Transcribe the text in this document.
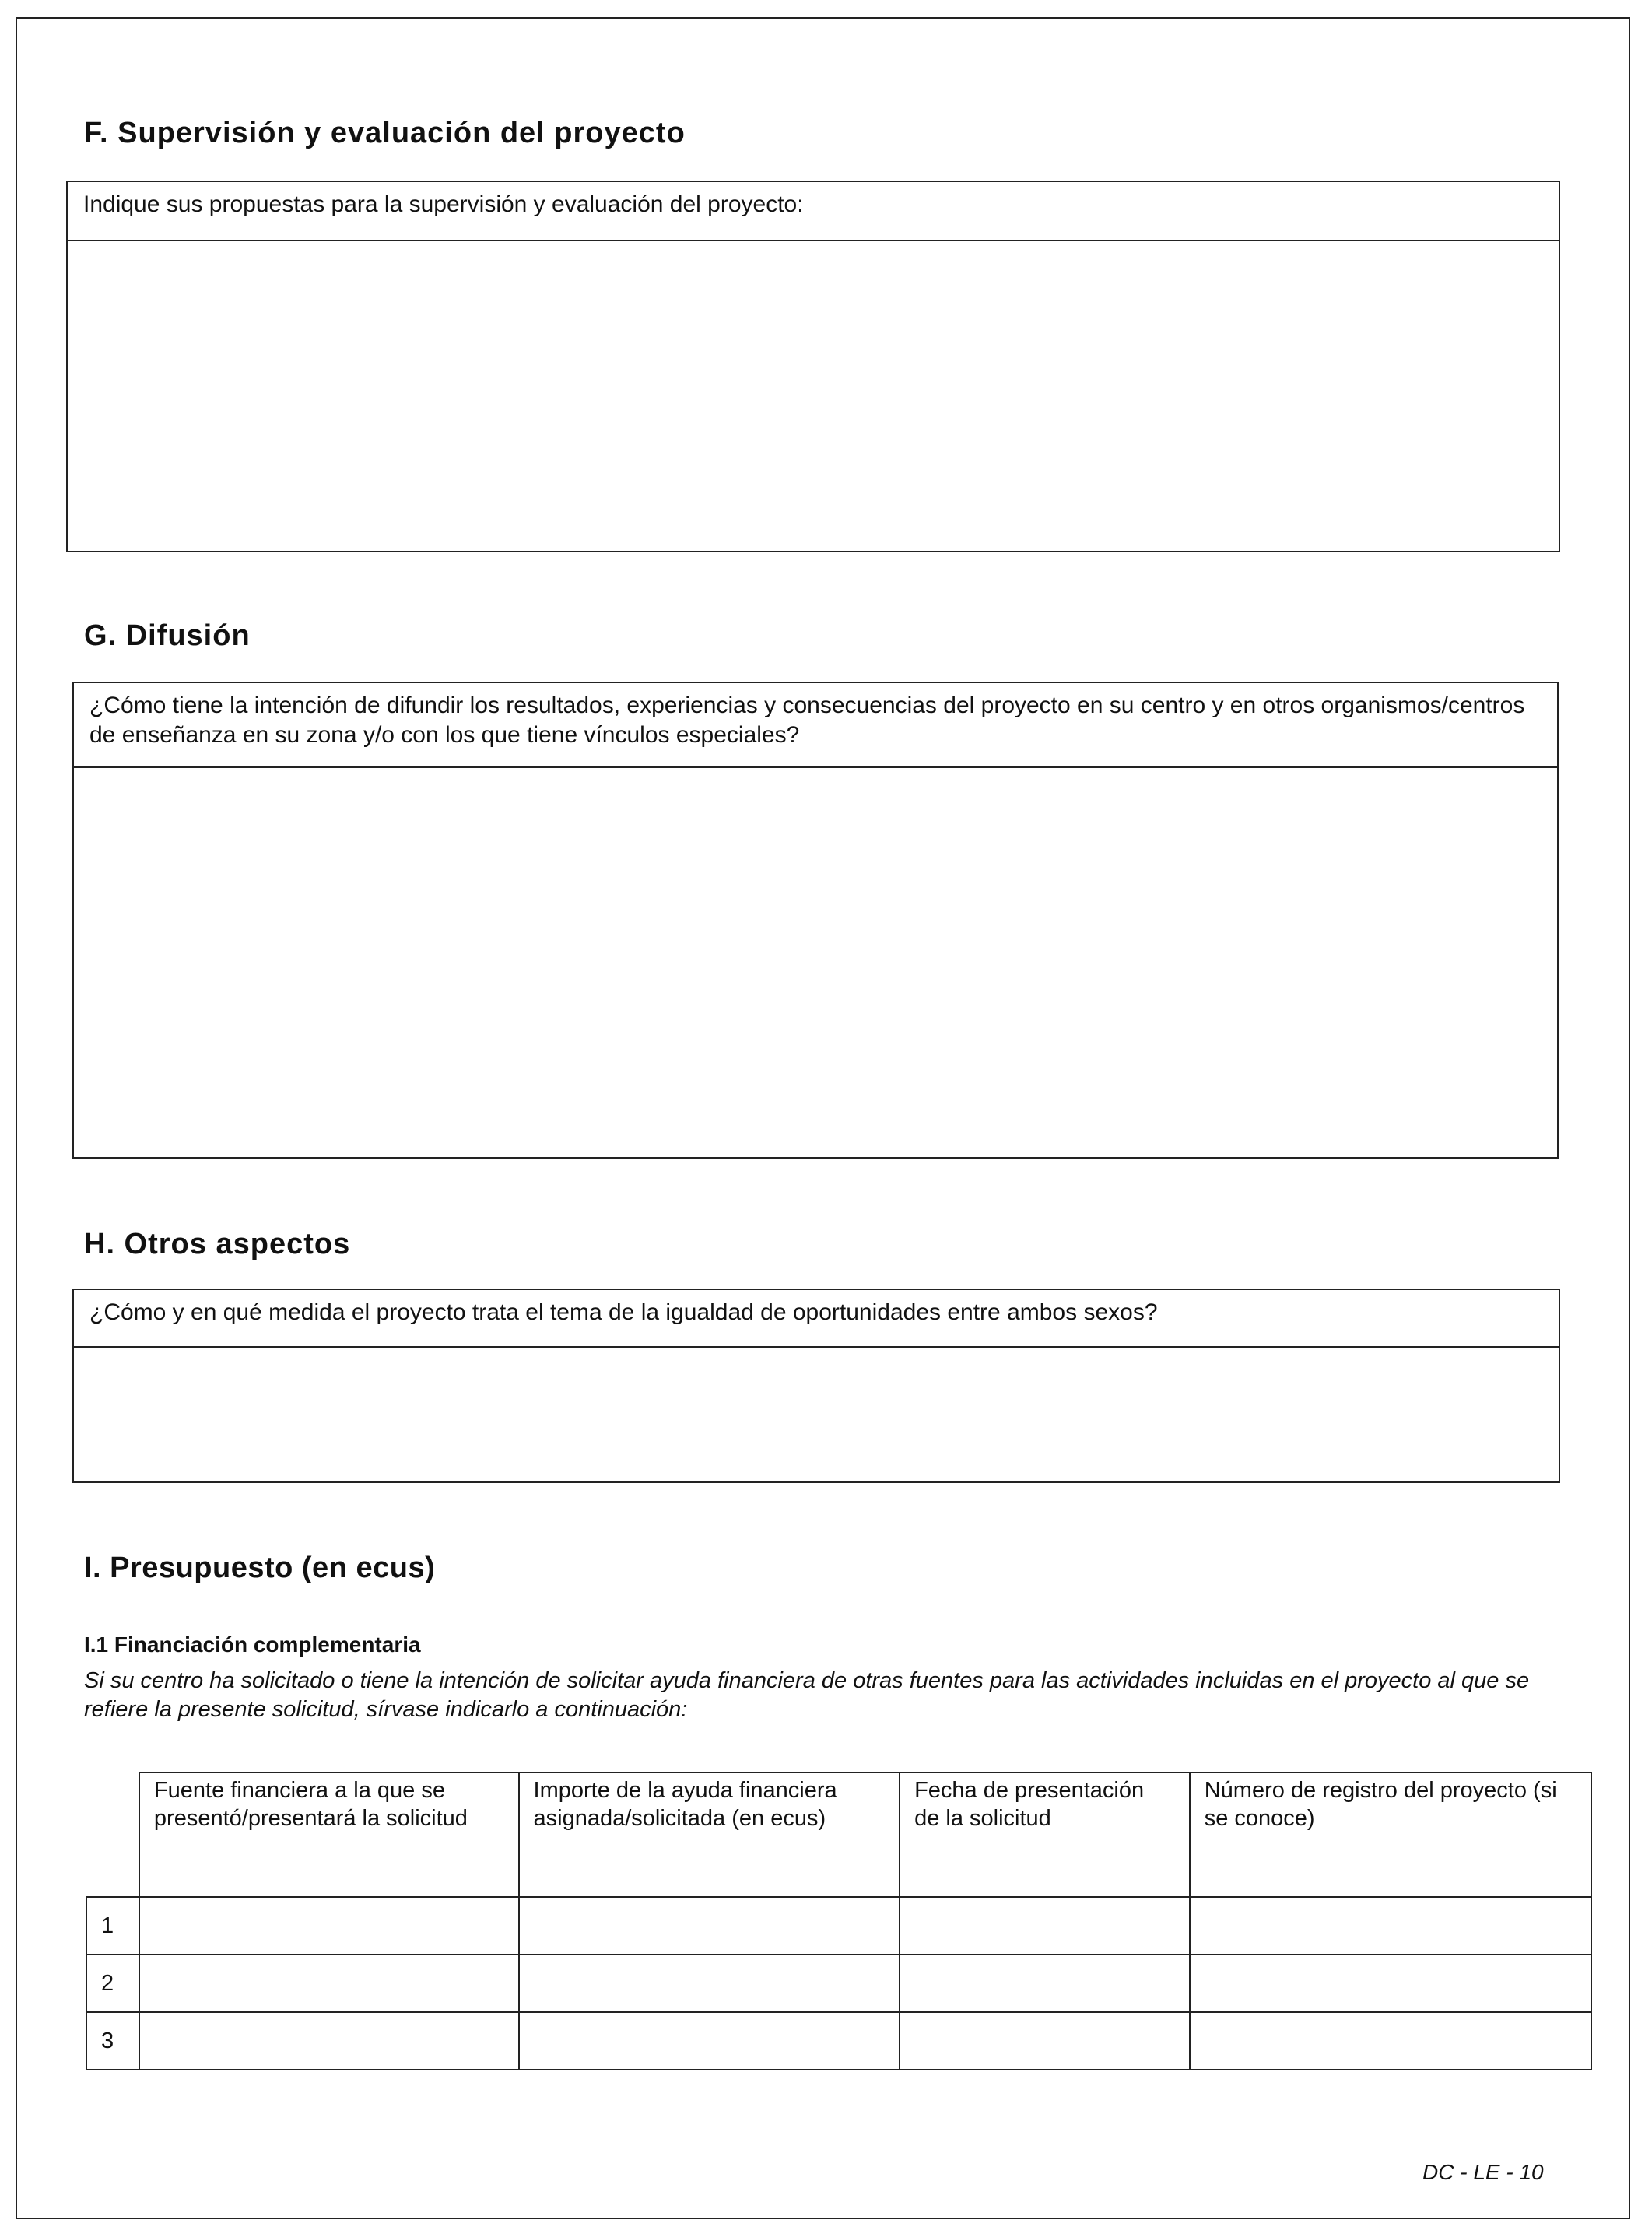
F. Supervisión y evaluación del proyecto
Indique sus propuestas para la supervisión y evaluación del proyecto:
G. Difusión
¿Cómo tiene la intención de difundir los resultados, experiencias y consecuencias del proyecto en su centro y en otros organismos/centros de enseñanza en su zona y/o con los que tiene vínculos especiales?
H. Otros aspectos
¿Cómo y en qué medida el proyecto trata el tema de la igualdad de oportunidades entre ambos sexos?
I. Presupuesto (en ecus)
I.1 Financiación complementaria
Si su centro ha solicitado o tiene la intención de solicitar ayuda financiera de otras fuentes para las actividades incluidas en el proyecto al que se refiere la presente solicitud, sírvase indicarlo a continuación:
	Fuente financiera a la que se presentó/presentará la solicitud	Importe de la ayuda financiera asignada/solicitada (en ecus)	Fecha de presentación de la solicitud	Número de registro del proyecto (si se conoce)
1				
2				
3				
DC - LE - 10
